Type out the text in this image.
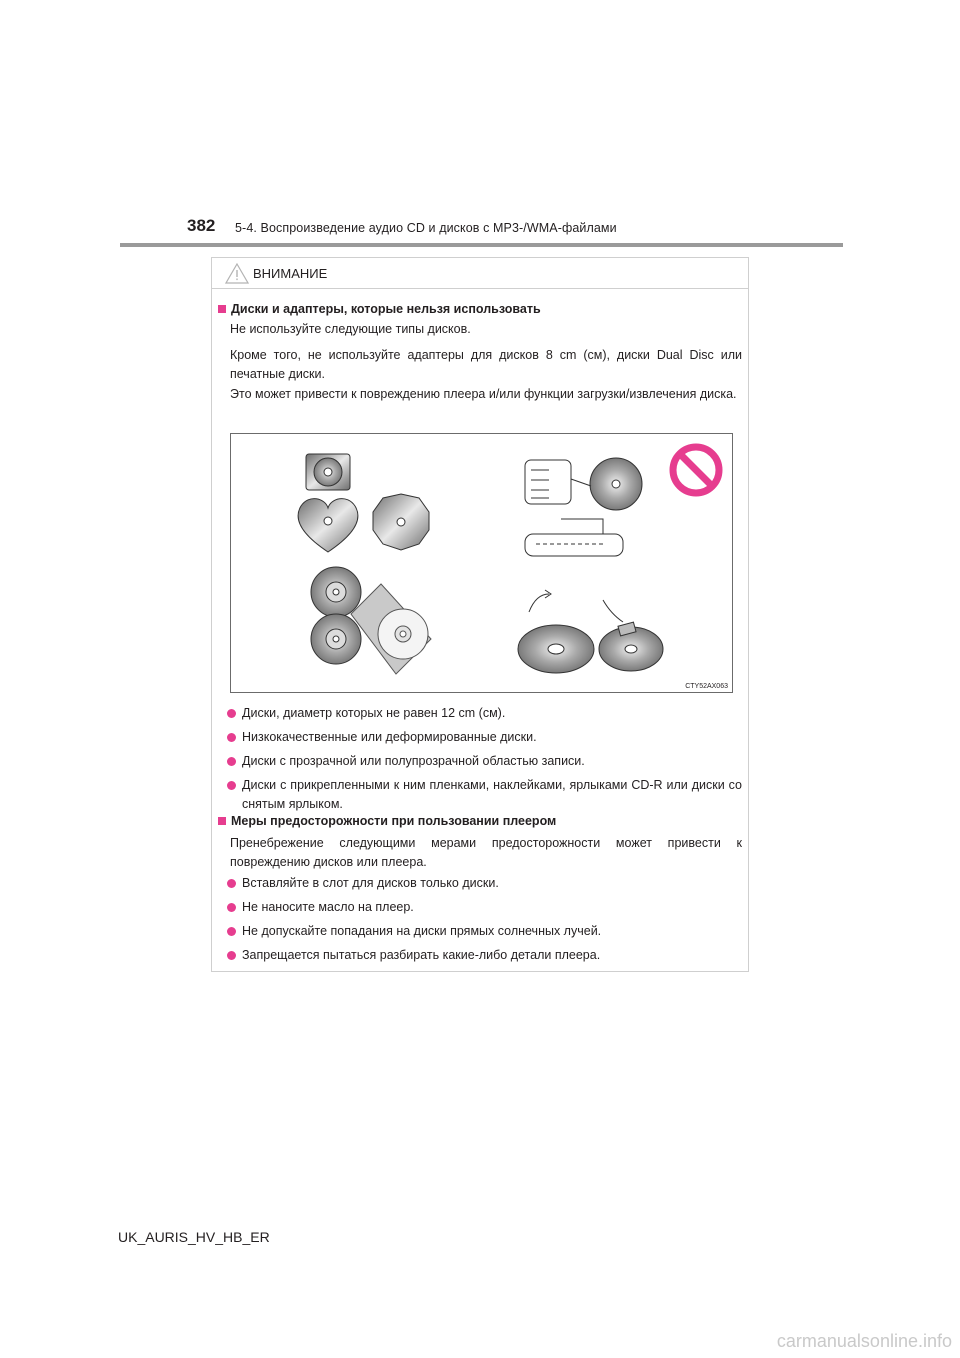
382 5-4. Воспроизведение аудио CD и дисков с MP3-/WMA-файлами
ВНИМАНИЕ
Диски и адаптеры, которые нельзя использовать
Не используйте следующие типы дисков.
Кроме того, не используйте адаптеры для дисков 8 cm (см), диски Dual Disc или печатные диски.
Это может привести к повреждению плеера и/или функции загрузки/извлечения диска.
CTY52AX063
Диски, диаметр которых не равен 12 cm (см).
Низкокачественные или деформированные диски.
Диски с прозрачной или полупрозрачной областью записи.
Диски с прикрепленными к ним пленками, наклейками, ярлыками CD-R или диски со снятым ярлыком.
Меры предосторожности при пользовании плеером
Пренебрежение следующими мерами предосторожности может привести к повреждению дисков или плеера.
Вставляйте в слот для дисков только диски.
Не наносите масло на плеер.
Не допускайте попадания на диски прямых солнечных лучей.
Запрещается пытаться разбирать какие-либо детали плеера.
UK_AURIS_HV_HB_ER
carmanualsonline.info
